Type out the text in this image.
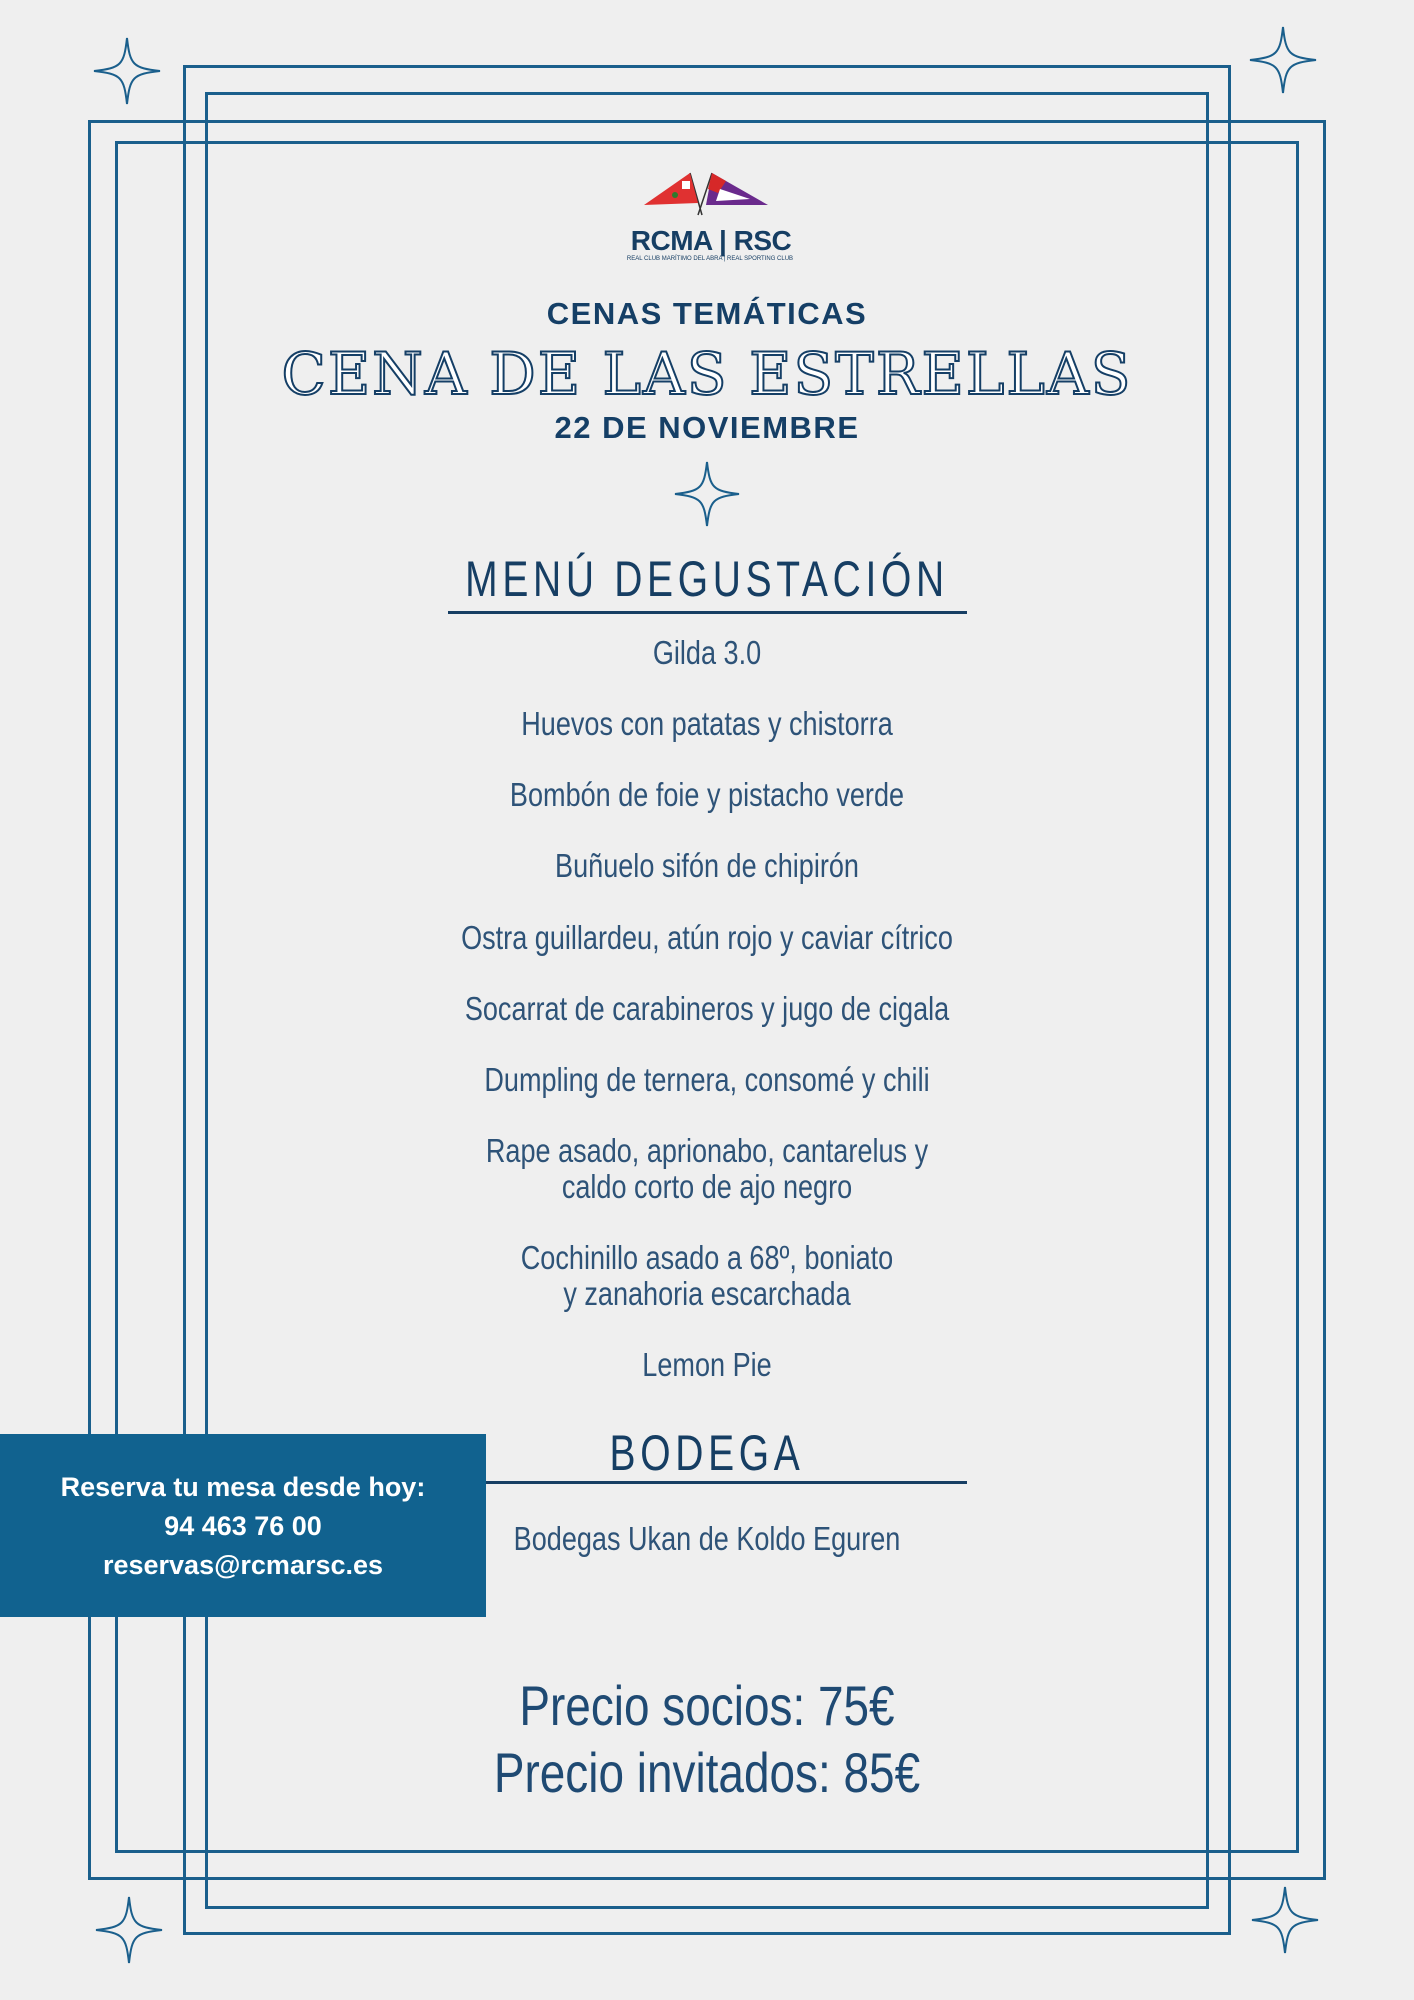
RCMA | RSC
REAL CLUB MARÍTIMO DEL ABRA | REAL SPORTING CLUB
CENAS TEMÁTICAS
CENA DE LAS ESTRELLAS
22 DE NOVIEMBRE
MENÚ DEGUSTACIÓN
Gilda 3.0
Huevos con patatas y chistorra
Bombón de foie y pistacho verde
Buñuelo sifón de chipirón
Ostra guillardeu, atún rojo y caviar cítrico
Socarrat de carabineros y jugo de cigala
Dumpling de ternera, consomé y chili
Rape asado, aprionabo, cantarelus y caldo corto de ajo negro
Cochinillo asado a 68º, boniato y zanahoria escarchada
Lemon Pie
BODEGA
Bodegas Ukan de Koldo Eguren
Reserva tu mesa desde hoy:
94 463 76 00
reservas@rcmarsc.es
Precio socios: 75€
Precio invitados: 85€
